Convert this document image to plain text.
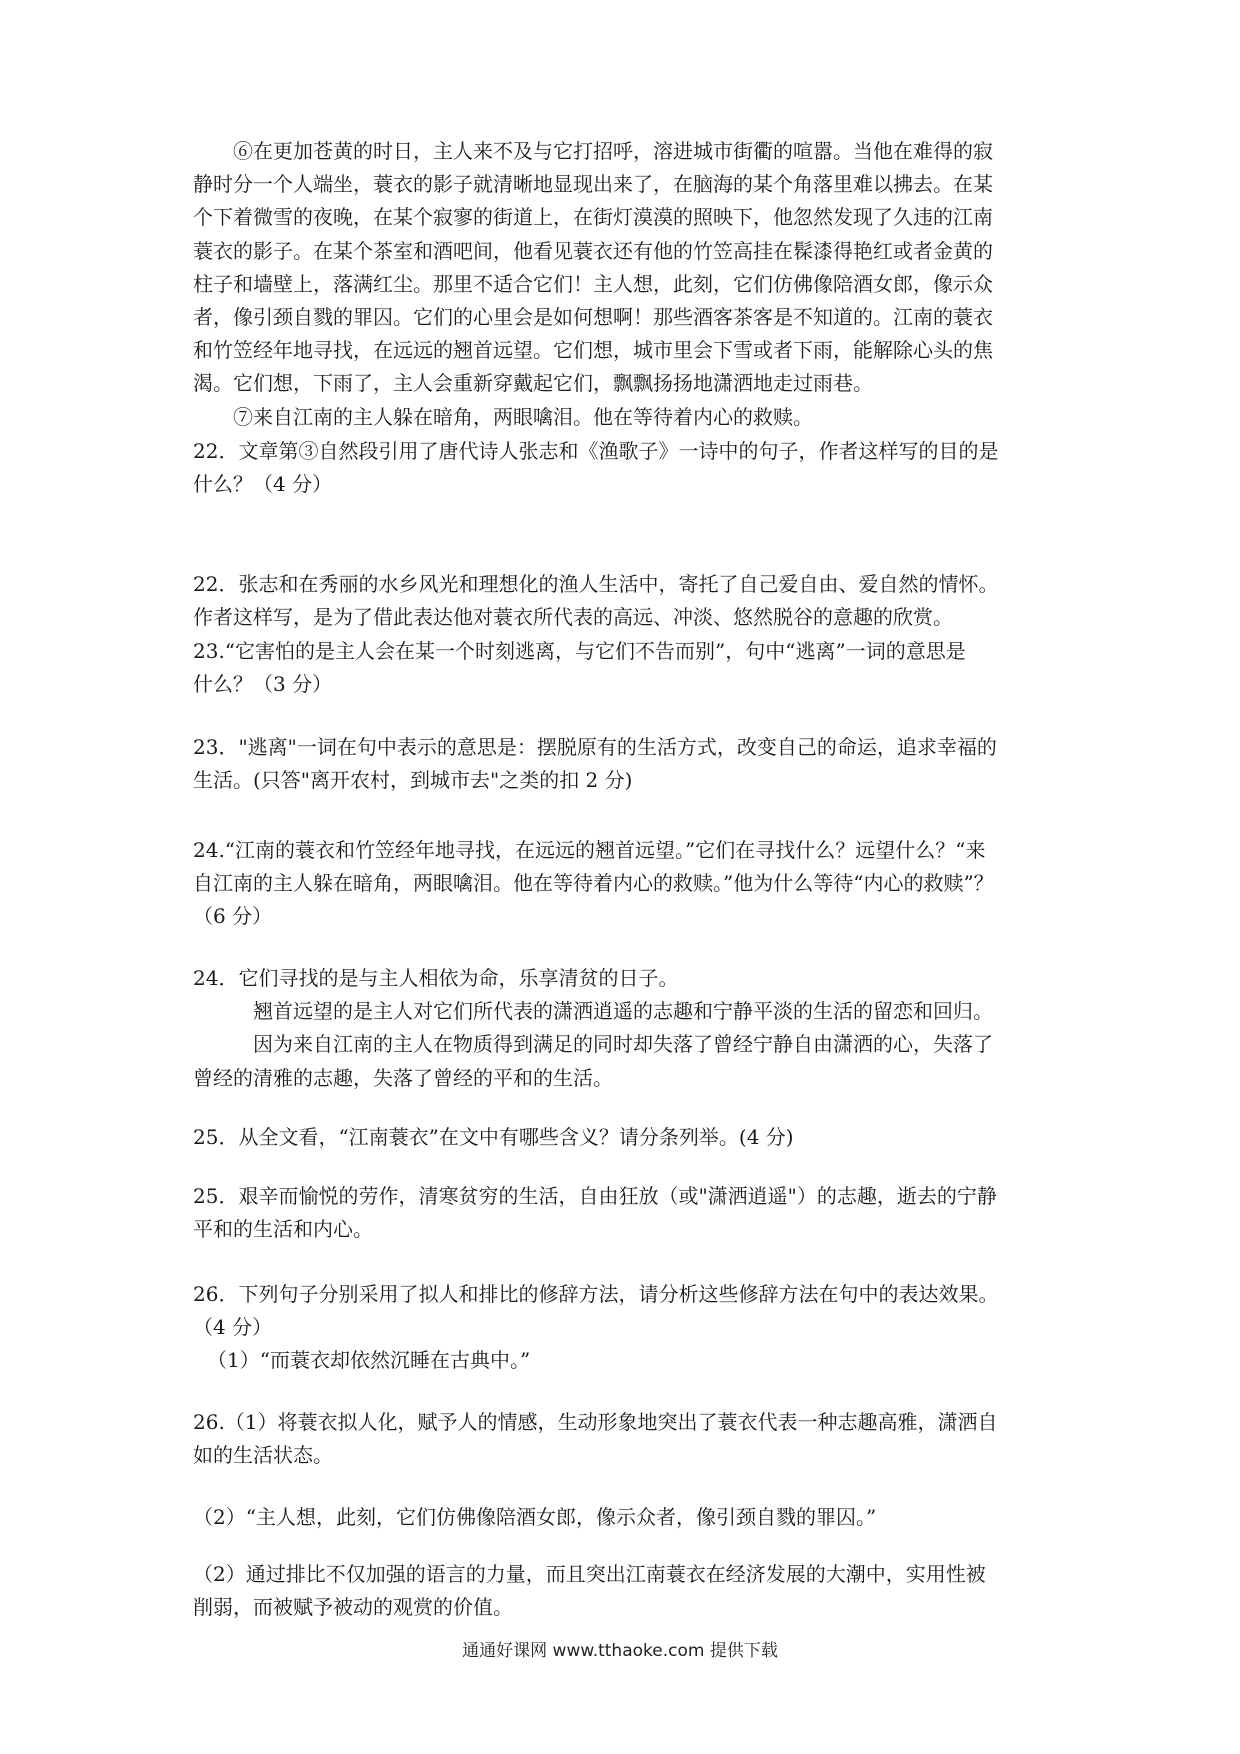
⑥在更加苍黄的时日，主人来不及与它打招呼，溶进城市街衢的喧嚣。当他在难得的寂
静时分一个人端坐，蓑衣的影子就清晰地显现出来了，在脑海的某个角落里难以拂去。在某
个下着微雪的夜晚，在某个寂寥的街道上，在街灯漠漠的照映下，他忽然发现了久违的江南
蓑衣的影子。在某个茶室和酒吧间，他看见蓑衣还有他的竹笠高挂在髹漆得艳红或者金黄的
柱子和墙壁上，落满红尘。那里不适合它们！主人想，此刻，它们仿佛像陪酒女郎，像示众
者，像引颈自戮的罪囚。它们的心里会是如何想啊！那些酒客茶客是不知道的。江南的蓑衣
和竹笠经年地寻找，在远远的翘首远望。它们想，城市里会下雪或者下雨，能解除心头的焦
渴。它们想，下雨了，主人会重新穿戴起它们，飘飘扬扬地潇洒地走过雨巷。
⑦来自江南的主人躲在暗角，两眼噙泪。他在等待着内心的救赎。
22．文章第③自然段引用了唐代诗人张志和《渔歌子》一诗中的句子，作者这样写的目的是
什么？（4 分）
22．张志和在秀丽的水乡风光和理想化的渔人生活中，寄托了自己爱自由、爱自然的情怀。
作者这样写，是为了借此表达他对蓑衣所代表的高远、冲淡、悠然脱谷的意趣的欣赏。
23.“它害怕的是主人会在某一个时刻逃离，与它们不告而别”，句中“逃离”一词的意思是
什么？（3 分）
23．"逃离"一词在句中表示的意思是：摆脱原有的生活方式，改变自己的命运，追求幸福的
生活。(只答"离开农村，到城市去"之类的扣 2 分)
24.“江南的蓑衣和竹笠经年地寻找，在远远的翘首远望。”它们在寻找什么？远望什么？“来
自江南的主人躲在暗角，两眼噙泪。他在等待着内心的救赎。”他为什么等待“内心的救赎”？
（6 分）
24．它们寻找的是与主人相依为命，乐享清贫的日子。
翘首远望的是主人对它们所代表的潇洒逍遥的志趣和宁静平淡的生活的留恋和回归。
因为来自江南的主人在物质得到满足的同时却失落了曾经宁静自由潇洒的心，失落了
曾经的清雅的志趣，失落了曾经的平和的生活。
25．从全文看，“江南蓑衣”在文中有哪些含义？请分条列举。(4 分)
25．艰辛而愉悦的劳作，清寒贫穷的生活，自由狂放（或"潇洒逍遥"）的志趣，逝去的宁静
平和的生活和内心。
26．下列句子分别采用了拟人和排比的修辞方法，请分析这些修辞方法在句中的表达效果。
（4 分）
（1）“而蓑衣却依然沉睡在古典中。”
26.（1）将蓑衣拟人化，赋予人的情感，生动形象地突出了蓑衣代表一种志趣高雅，潇洒自
如的生活状态。
（2）“主人想，此刻，它们仿佛像陪酒女郎，像示众者，像引颈自戮的罪囚。”
（2）通过排比不仅加强的语言的力量，而且突出江南蓑衣在经济发展的大潮中，实用性被
削弱，而被赋予被动的观赏的价值。
通通好课网 www.tthaoke.com 提供下载
